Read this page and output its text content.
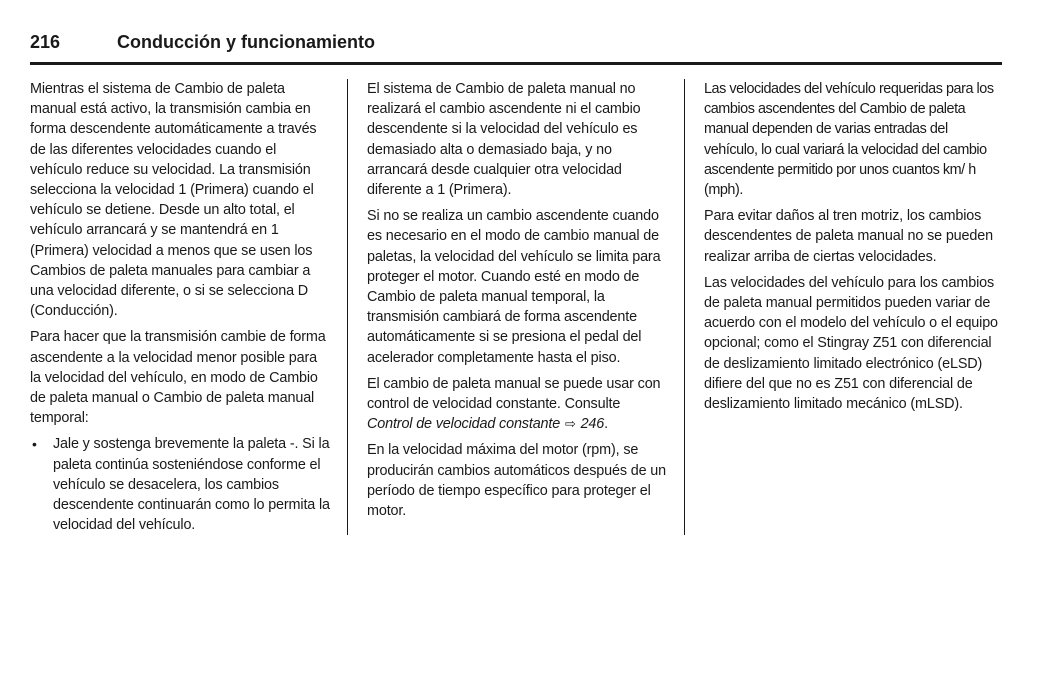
216	Conducción y funcionamiento

Mientras el sistema de Cambio de paleta manual está activo, la transmisión cambia en forma descendente automáticamente a través de las diferentes velocidades cuando el vehículo reduce su velocidad. La transmisión selecciona la velocidad 1 (Primera) cuando el vehículo se detiene. Desde un alto total, el vehículo arrancará y se mantendrá en 1 (Primera) velocidad a menos que se usen los Cambios de paleta manuales para cambiar a una velocidad diferente, o si se selecciona D (Conducción).

Para hacer que la transmisión cambie de forma ascendente a la velocidad menor posible para la velocidad del vehículo, en modo de Cambio de paleta manual o Cambio de paleta manual temporal:

• Jale y sostenga brevemente la paleta -. Si la paleta continúa sosteniéndose conforme el vehículo se desacelera, los cambios descendente continuarán como lo permita la velocidad del vehículo.

El sistema de Cambio de paleta manual no realizará el cambio ascendente ni el cambio descendente si la velocidad del vehículo es demasiado alta o demasiado baja, y no arrancará desde cualquier otra velocidad diferente a 1 (Primera).

Si no se realiza un cambio ascendente cuando es necesario en el modo de cambio manual de paletas, la velocidad del vehículo se limita para proteger el motor. Cuando esté en modo de Cambio de paleta manual temporal, la transmisión cambiará de forma ascendente automáticamente si se presiona el pedal del acelerador completamente hasta el piso.

El cambio de paleta manual se puede usar con control de velocidad constante. Consulte Control de velocidad constante ⇨ 246.

En la velocidad máxima del motor (rpm), se producirán cambios automáticos después de un período de tiempo específico para proteger el motor.

Las velocidades del vehículo requeridas para los cambios ascendentes del Cambio de paleta manual dependen de varias entradas del vehículo, lo cual variará la velocidad del cambio ascendente permitido por unos cuantos km/ h (mph).

Para evitar daños al tren motriz, los cambios descendentes de paleta manual no se pueden realizar arriba de ciertas velocidades.

Las velocidades del vehículo para los cambios de paleta manual permitidos pueden variar de acuerdo con el modelo del vehículo o el equipo opcional; como el Stingray Z51 con diferencial de deslizamiento limitado electrónico (eLSD) difiere del que no es Z51 con diferencial de deslizamiento limitado mecánico (mLSD).
